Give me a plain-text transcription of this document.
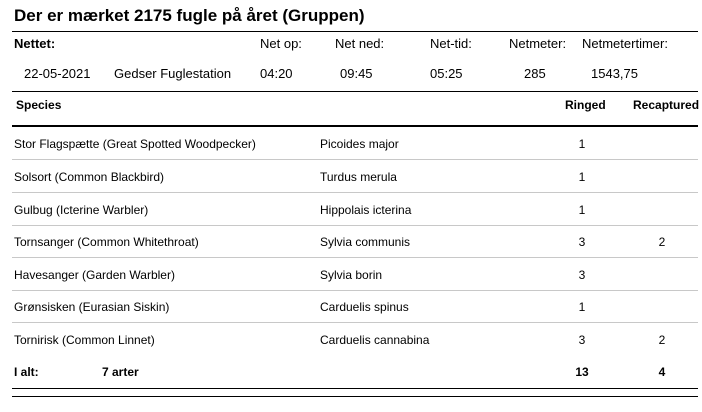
Der er mærket 2175 fugle på året (Gruppen)
Nettet:	Net op:	Net ned:	Net-tid:	Netmeter: Netmetertimer:
22-05-2021 Gedser Fuglestation 04:20	09:45	05:25	285	1543,75
Species	Ringed Recaptured
Stor Flagspætte (Great Spotted Woodpecker)	Picoides major	1
Solsort (Common Blackbird)	Turdus merula	1
Gulbug (Icterine Warbler)	Hippolais icterina	1
Tornsanger (Common Whitethroat)	Sylvia communis	3	2
Havesanger (Garden Warbler)	Sylvia borin	3
Grønsisken (Eurasian Siskin)	Carduelis spinus	1
Tornirisk (Common Linnet)	Carduelis cannabina	3	2
I alt:	7 arter	13	4
